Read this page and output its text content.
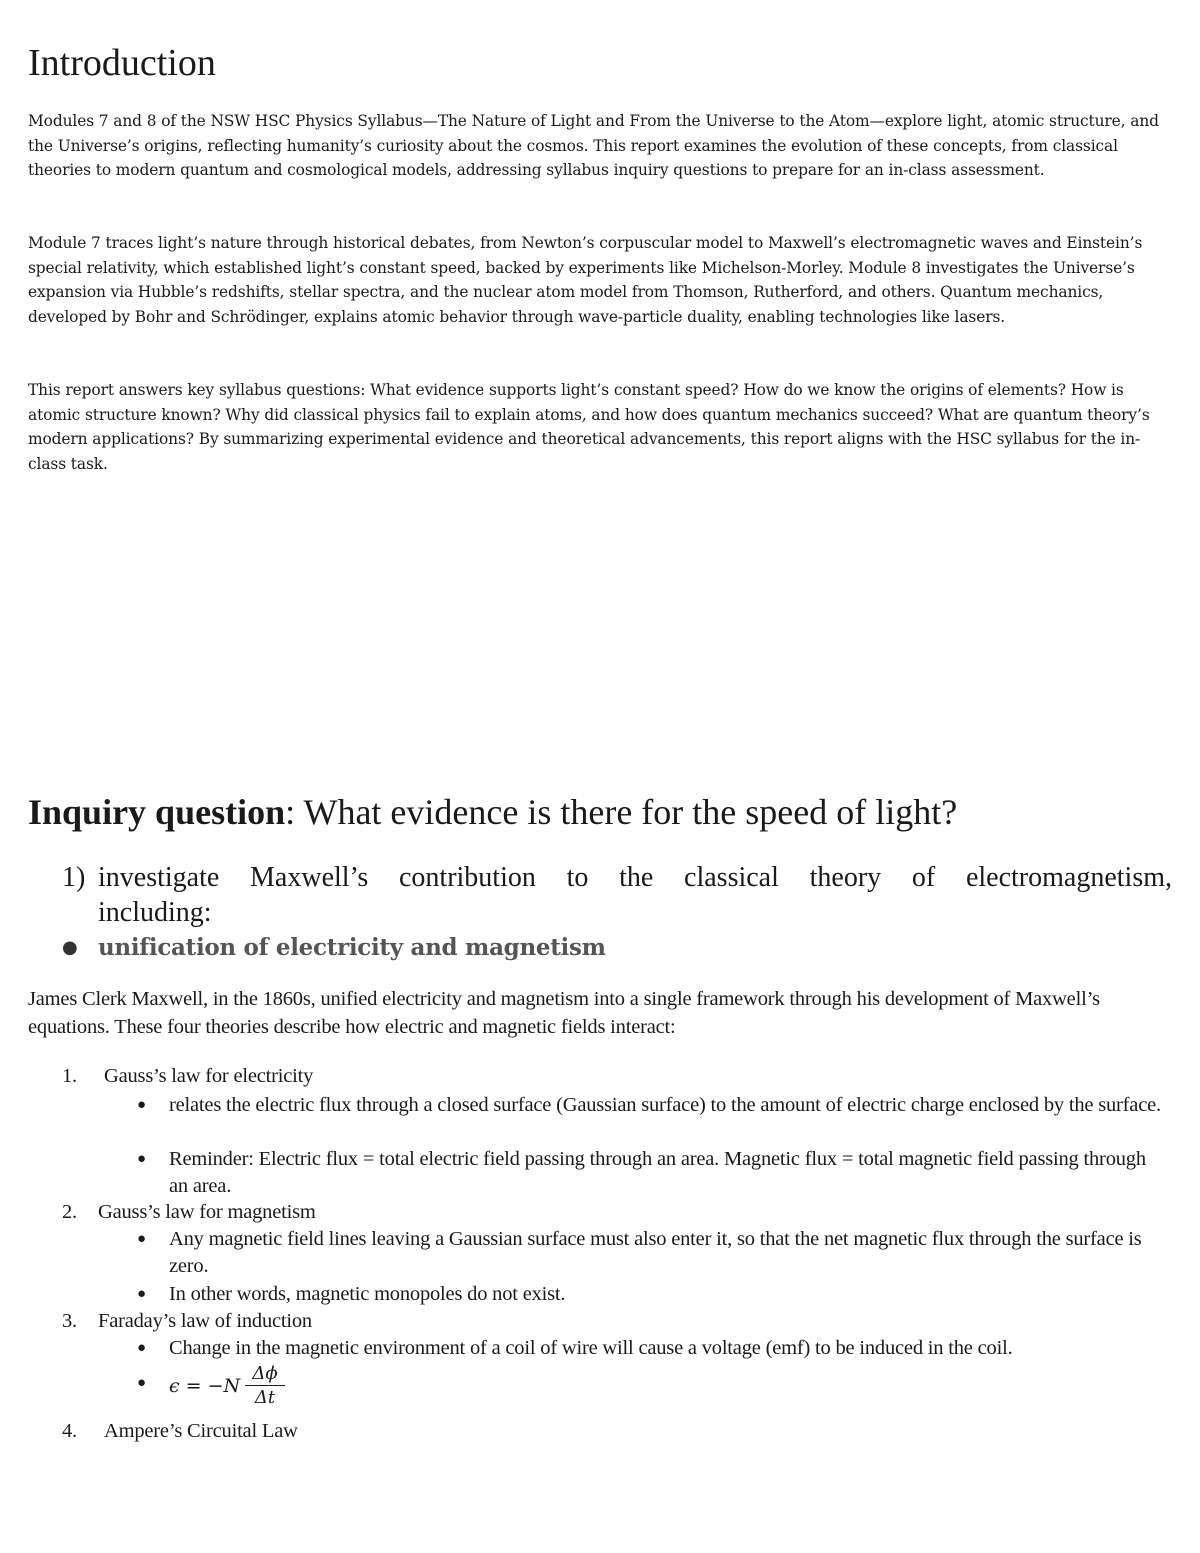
Introduction

Modules 7 and 8 of the NSW HSC Physics Syllabus—The Nature of Light and From the Universe to the Atom—explore light, atomic structure, and the Universe’s origins, reflecting humanity’s curiosity about the cosmos. This report examines the evolution of these concepts, from classical theories to modern quantum and cosmological models, addressing syllabus inquiry questions to prepare for an in-class assessment.

Module 7 traces light’s nature through historical debates, from Newton’s corpuscular model to Maxwell’s electromagnetic waves and Einstein’s special relativity, which established light’s constant speed, backed by experiments like Michelson-Morley. Module 8 investigates the Universe’s expansion via Hubble’s redshifts, stellar spectra, and the nuclear atom model from Thomson, Rutherford, and others. Quantum mechanics, developed by Bohr and Schrödinger, explains atomic behavior through wave-particle duality, enabling technologies like lasers.

This report answers key syllabus questions: What evidence supports light’s constant speed? How do we know the origins of elements? How is atomic structure known? Why did classical physics fail to explain atoms, and how does quantum mechanics succeed? What are quantum theory’s modern applications? By summarizing experimental evidence and theoretical advancements, this report aligns with the HSC syllabus for the in-class task.

Inquiry question: What evidence is there for the speed of light?
1) investigate Maxwell’s contribution to the classical theory of electromagnetism,
including:
● unification of electricity and magnetism

James Clerk Maxwell, in the 1860s, unified electricity and magnetism into a single framework through his development of Maxwell’s equations. These four theories describe how electric and magnetic fields interact:

1. Gauss’s law for electricity
● relates the electric flux through a closed surface (Gaussian surface) to the amount of electric charge enclosed by the surface.
● Reminder: Electric flux = total electric field passing through an area. Magnetic flux = total magnetic field passing through an area.
2. Gauss’s law for magnetism
● Any magnetic field lines leaving a Gaussian surface must also enter it, so that the net magnetic flux through the surface is zero.
● In other words, magnetic monopoles do not exist.
3. Faraday’s law of induction
● Change in the magnetic environment of a coil of wire will cause a voltage (emf) to be induced in the coil.
● $\epsilon = -N \frac{\Delta\phi}{\Delta t}$
4. Ampere’s Circuital Law
